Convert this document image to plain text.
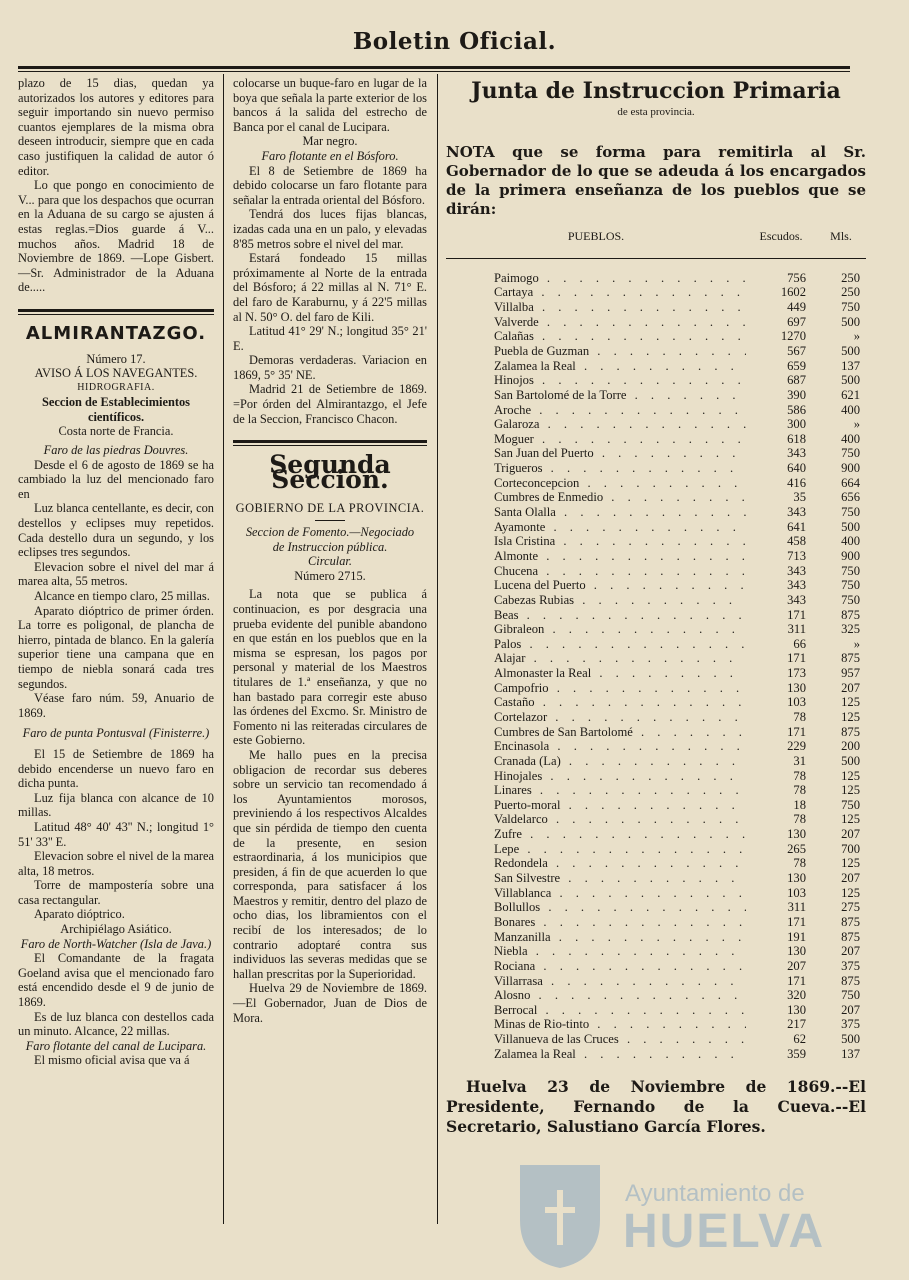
Boletin Oficial.

plazo de 15 dias, quedan ya autorizados los autores y editores para seguir importando sin nuevo permiso cuantos ejemplares de la misma obra deseen introducir, siempre que en cada caso justifiquen la calidad de autor ó editor.

Lo que pongo en conocimiento de V... para que los despachos que ocurran en la Aduana de su cargo se ajusten á estas reglas.=Dios guarde á V... muchos años. Madrid 18 de Noviembre de 1869. —Lope Gisbert.—Sr. Administrador de la Aduana de.....

ALMIRANTAZGO.

Número 17.

AVISO Á LOS NAVEGANTES.

HIDROGRAFIA.

Seccion de Establecimientos científicos.

Costa norte de Francia.

Faro de las piedras Douvres.

Desde el 6 de agosto de 1869 se ha cambiado la luz del mencionado faro en

Luz blanca centellante, es decir, con destellos y eclipses muy repetidos. Cada destello dura un segundo, y los eclipses tres segundos.

Elevacion sobre el nivel del mar á marea alta, 55 metros.

Alcance en tiempo claro, 25 millas.

Aparato dióptrico de primer órden. La torre es poligonal, de plancha de hierro, pintada de blanco. En la galería superior tiene una campana que en tiempo de niebla sonará cada tres segundos.

Véase faro núm. 59, Anuario de 1869.

Faro de punta Pontusval (Finisterre.)

El 15 de Setiembre de 1869 ha debido encenderse un nuevo faro en dicha punta.

Luz fija blanca con alcance de 10 millas.

Latitud 48° 40' 43'' N.; longitud 1° 51' 33'' E.

Elevacion sobre el nivel de la marea alta, 18 metros.

Torre de mampostería sobre una casa rectangular.

Aparato dióptrico.

Archipiélago Asiático.

Faro de North-Watcher (Isla de Java.)

El Comandante de la fragata Goeland avisa que el mencionado faro está encendido desde el 9 de junio de 1869.

Es de luz blanca con destellos cada un minuto. Alcance, 22 millas.

Faro flotante del canal de Lucipara.

El mismo oficial avisa que va á

colocarse un buque-faro en lugar de la boya que señala la parte exterior de los bancos á la salida del estrecho de Banca por el canal de Lucipara.

Mar negro.

Faro flotante en el Bósforo.

El 8 de Setiembre de 1869 ha debido colocarse un faro flotante para señalar la entrada oriental del Bósforo.

Tendrá dos luces fijas blancas, izadas cada una en un palo, y elevadas 8'85 metros sobre el nivel del mar.

Estará fondeado 15 millas próximamente al Norte de la entrada del Bósforo; á 22 millas al N. 71° E. del faro de Karaburnu, y á 22'5 millas al N. 50° O. del faro de Kili.

Latitud 41° 29' N.; longitud 35° 21' E.

Demoras verdaderas. Variacion en 1869, 5° 35' NE.

Madrid 21 de Setiembre de 1869. =Por órden del Almirantazgo, el Jefe de la Seccion, Francisco Chacon.

Segunda Seccion.

GOBIERNO DE LA PROVINCIA.

Seccion de Fomento.—Negociado de Instruccion pública.

Circular.

Número 2715.

La nota que se publica á continuacion, es por desgracia una prueba evidente del punible abandono en que están en los pueblos que en la misma se espresan, los pagos por personal y material de los Maestros titulares de 1.ª enseñanza, y que no han bastado para corregir este abuso las órdenes del Excmo. Sr. Ministro de Fomento ni las reiteradas circulares de este Gobierno.

Me hallo pues en la precisa obligacion de recordar sus deberes sobre un servicio tan recomendado á los Ayuntamientos morosos, previniendo á los respectivos Alcaldes que sin pérdida de tiempo den cuenta de la presente, en sesion estraordinaria, á los municipios que presiden, á fin de que acuerden lo que corresponda, para satisfacer á los Maestros y remitir, dentro del plazo de ocho dias, los libramientos con el recibí de los interesados; de lo contrario adoptaré contra sus individuos las severas medidas que se hallan prescritas por la Superioridad.

Huelva 29 de Noviembre de 1869.—El Gobernador, Juan de Dios de Mora.

Junta de Instruccion Primaria

de esta provincia.

NOTA que se forma para remitirla al Sr. Gobernador de lo que se adeuda á los encargados de la primera enseñanza de los pueblos que se dirán:

PUEBLOS.	Escudos.	Mls.
Paimogo . . .	756	250
Cartaya . . .	1602	250
Villalba . . .	449	750
Valverde . . .	697	500
Calañas . . .	1270	»
Puebla de Guzman . . .	567	500
Zalamea la Real . . .	659	137
Hinojos . . .	687	500
San Bartolomé de la Torre . . .	390	621
Aroche . . .	586	400
Galaroza . . .	300	»
Moguer . . .	618	400
San Juan del Puerto . . .	343	750
Trigueros . . .	640	900
Corteconcepcion . . .	416	664
Cumbres de Enmedio . . .	35	656
Santa Olalla . . .	343	750
Ayamonte . . .	641	500
Isla Cristina . . .	458	400
Almonte . . .	713	900
Chucena . . .	343	750
Lucena del Puerto . . .	343	750
Cabezas Rubias . . .	343	750
Beas . . .	171	875
Gibraleon . . .	311	325
Palos . . .	66	»
Alajar . . .	171	875
Almonaster la Real . . .	173	957
Campofrio . . .	130	207
Castaño . . .	103	125
Cortelazor . . .	78	125
Cumbres de San Bartolomé . . .	171	875
Encinasola . . .	229	200
Cranada (La) . . .	31	500
Hinojales . . .	78	125
Linares . . .	78	125
Puerto-moral . . .	18	750
Valdelarco . . .	78	125
Zufre . . .	130	207
Lepe . . .	265	700
Redondela . . .	78	125
San Silvestre . . .	130	207
Villablanca . . .	103	125
Bollullos . . .	311	275
Bonares . . .	171	875
Manzanilla . . .	191	875
Niebla . . .	130	207
Rociana . . .	207	375
Villarrasa . . .	171	875
Alosno . . .	320	750
Berrocal . . .	130	207
Minas de Rio-tinto . . .	217	375
Villanueva de las Cruces . . .	62	500
Zalamea la Real . . .	359	137

Huelva 23 de Noviembre de 1869.--El Presidente, Fernando de la Cueva.--El Secretario, Salustiano García Flores.

Ayuntamiento de
HUELVA
